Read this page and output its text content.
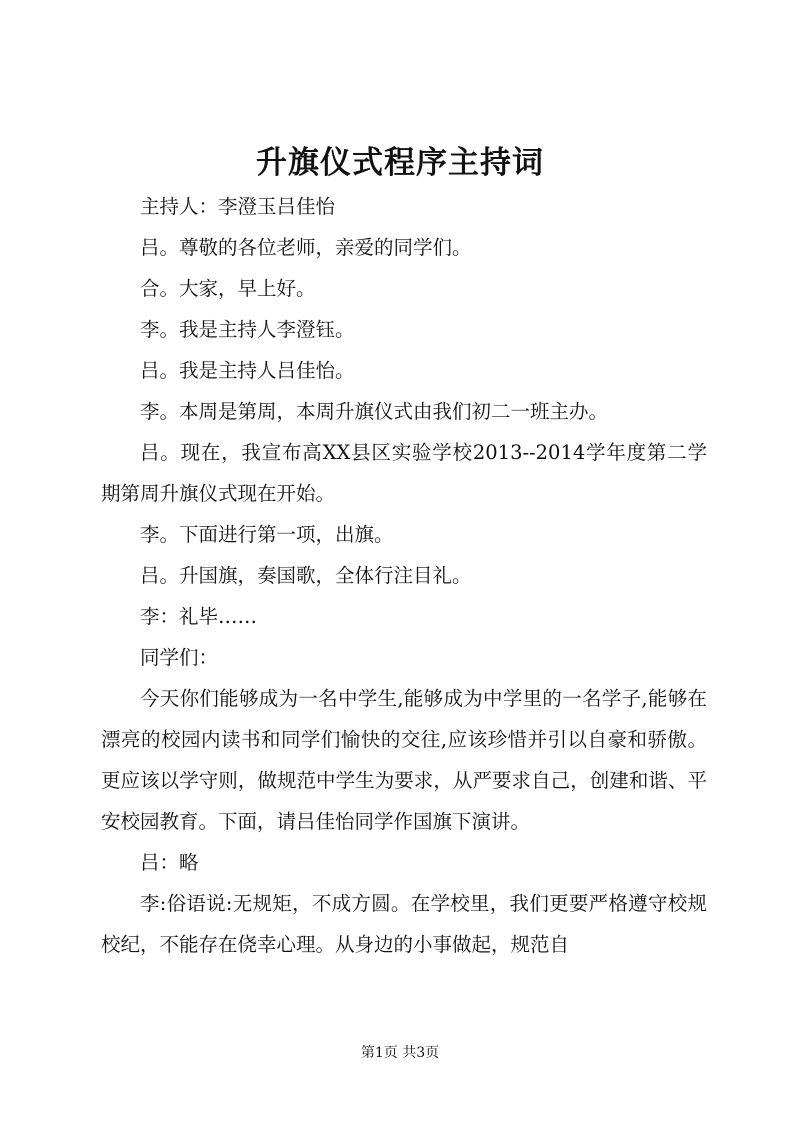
升旗仪式程序主持词

主持人：李澄玉吕佳怡

吕。尊敬的各位老师，亲爱的同学们。

合。大家，早上好。

李。我是主持人李澄钰。

吕。我是主持人吕佳怡。

李。本周是第周，本周升旗仪式由我们初二一班主办。

吕。现在，我宣布高XX县区实验学校2013--2014学年度第二学期第周升旗仪式现在开始。

李。下面进行第一项，出旗。

吕。升国旗，奏国歌，全体行注目礼。

李：礼毕……

同学们：

今天你们能够成为一名中学生,能够成为中学里的一名学子,能够在漂亮的校园内读书和同学们愉快的交往,应该珍惜并引以自豪和骄傲。更应该以学守则，做规范中学生为要求，从严要求自己，创建和谐、平安校园教育。下面，请吕佳怡同学作国旗下演讲。

吕：略

李:俗语说:无规矩，不成方圆。在学校里，我们更要严格遵守校规校纪，不能存在侥幸心理。从身边的小事做起，规范自

第1页 共3页
